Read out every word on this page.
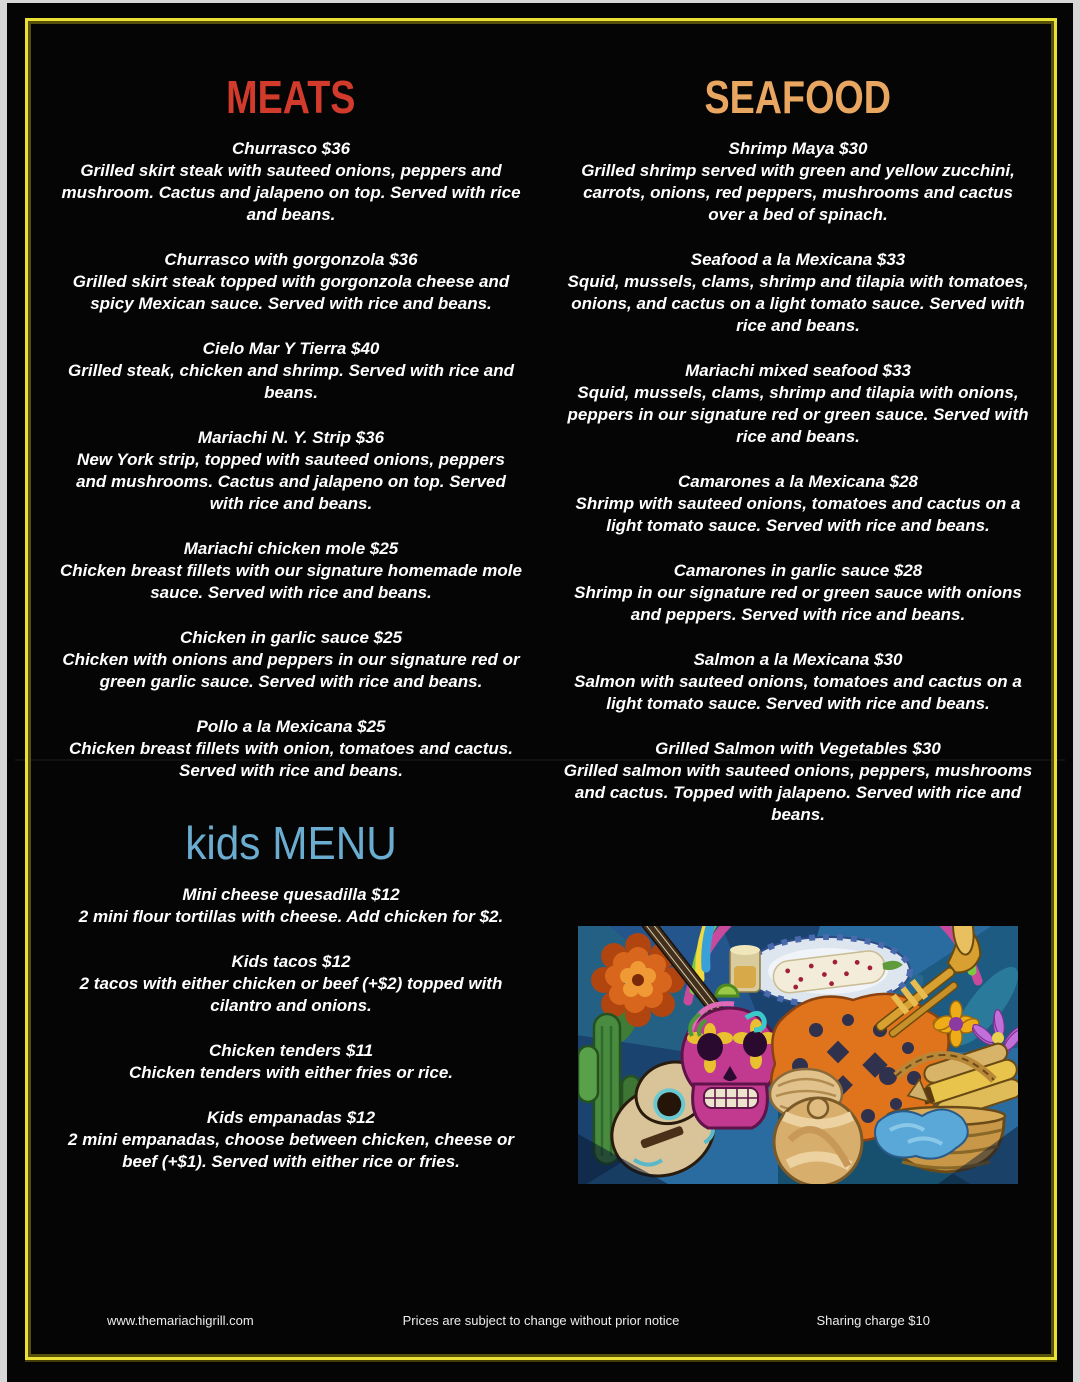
MEATS
Churrasco $36
Grilled skirt steak with sauteed onions, peppers and mushroom. Cactus and jalapeno on top. Served with rice and beans.
Churrasco with gorgonzola $36
Grilled skirt steak topped with gorgonzola cheese and spicy Mexican sauce. Served with rice and beans.
Cielo Mar Y Tierra $40
Grilled steak, chicken and shrimp. Served with rice and beans.
Mariachi N. Y. Strip $36
New York strip, topped with sauteed onions, peppers and mushrooms. Cactus and jalapeno on top. Served with rice and beans.
Mariachi chicken mole $25
Chicken breast fillets with our signature homemade mole sauce. Served with rice and beans.
Chicken in garlic sauce $25
Chicken with onions and peppers in our signature red or green garlic sauce. Served with rice and beans.
Pollo a la Mexicana $25
Chicken breast fillets with onion, tomatoes and cactus. Served with rice and beans.
kids MENU
Mini cheese quesadilla $12
2 mini flour tortillas with cheese. Add chicken for $2.
Kids tacos $12
2 tacos with either chicken or beef (+$2) topped with cilantro and onions.
Chicken tenders $11
Chicken tenders with either fries or rice.
Kids empanadas $12
2 mini empanadas, choose between chicken, cheese or beef (+$1). Served with either rice or fries.
SEAFOOD
Shrimp Maya $30
Grilled shrimp served with green and yellow zucchini, carrots, onions, red peppers, mushrooms and cactus over a bed of spinach.
Seafood a la Mexicana $33
Squid, mussels, clams, shrimp and tilapia with tomatoes, onions, and cactus on a light tomato sauce. Served with rice and beans.
Mariachi mixed seafood $33
Squid, mussels, clams, shrimp and tilapia with onions, peppers in our signature red or green sauce. Served with rice and beans.
Camarones a la Mexicana $28
Shrimp with sauteed onions, tomatoes and cactus on a light tomato sauce. Served with rice and beans.
Camarones in garlic sauce $28
Shrimp in our signature red or green sauce with onions and peppers. Served with rice and beans.
Salmon a la Mexicana $30
Salmon with sauteed onions, tomatoes and cactus on a light tomato sauce. Served with rice and beans.
Grilled Salmon with Vegetables $30
Grilled salmon with sauteed onions, peppers, mushrooms and cactus. Topped with jalapeno. Served with rice and beans.
www.themariachigrill.com	Prices are subject to change without prior notice	Sharing charge $10
